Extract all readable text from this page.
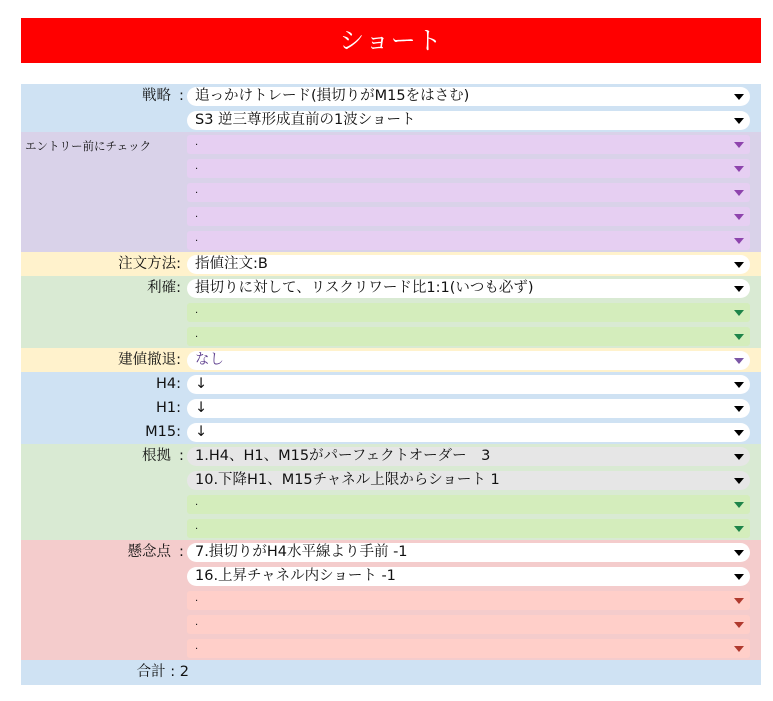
ショート
戦略 : 追っかけトレード(損切りがM15をはさむ)
S3 逆三尊形成直前の1波ショート
エントリー前にチェック	.
.
.
.
.
注文方法: 指値注文:B
利確: 損切りに対して、リスクリワード比1:1(いつも必ず)
.
.
建値撤退: なし
H4: ↓
H1: ↓
M15: ↓
根拠 : 1.H4、H1、M15がパーフェクトオーダー　3
10.下降H1、M15チャネル上限からショート 1
.
.
懸念点 : 7.損切りがH4水平線より手前 -1
16.上昇チャネル内ショート -1
.
.
.
合計 : 2
